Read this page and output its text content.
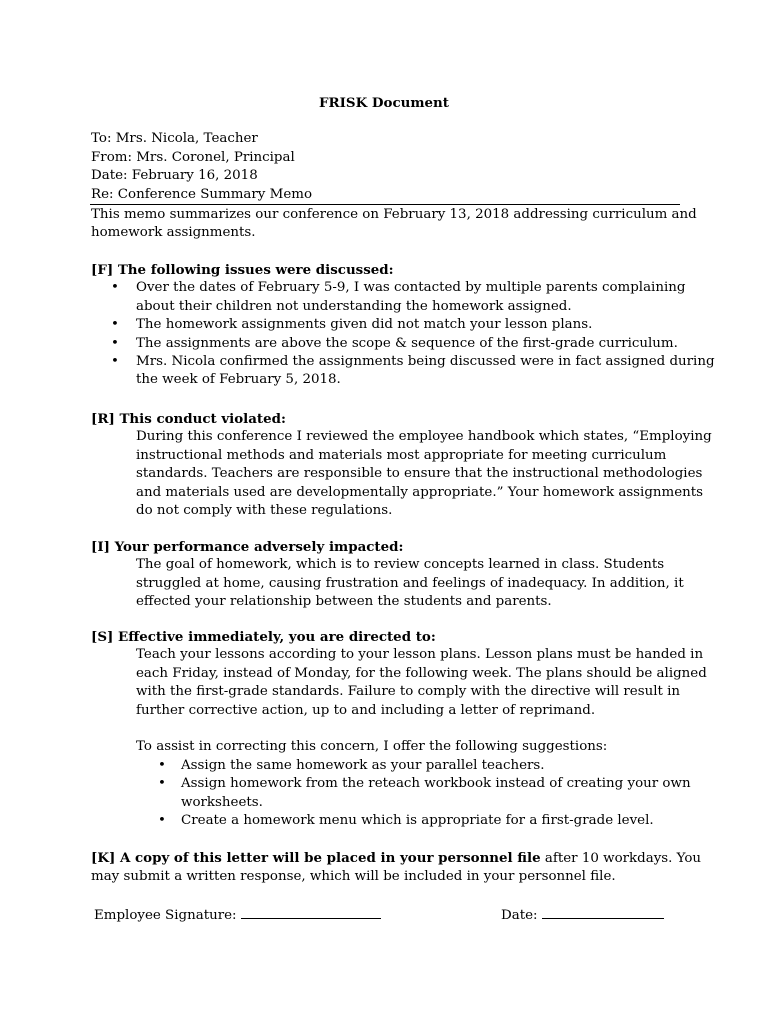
FRISK Document
To: Mrs. Nicola, Teacher
From: Mrs. Coronel, Principal
Date: February 16, 2018
Re: Conference Summary Memo
This memo summarizes our conference on February 13, 2018 addressing curriculum and
homework assignments.
[F] The following issues were discussed:
• Over the dates of February 5-9, I was contacted by multiple parents complaining
about their children not understanding the homework assigned.
• The homework assignments given did not match your lesson plans.
• The assignments are above the scope & sequence of the first-grade curriculum.
• Mrs. Nicola confirmed the assignments being discussed were in fact assigned during
the week of February 5, 2018.
[R] This conduct violated:
During this conference I reviewed the employee handbook which states, “Employing
instructional methods and materials most appropriate for meeting curriculum
standards. Teachers are responsible to ensure that the instructional methodologies
and materials used are developmentally appropriate.” Your homework assignments
do not comply with these regulations.
[I] Your performance adversely impacted:
The goal of homework, which is to review concepts learned in class. Students
struggled at home, causing frustration and feelings of inadequacy. In addition, it
effected your relationship between the students and parents.
[S] Effective immediately, you are directed to:
Teach your lessons according to your lesson plans. Lesson plans must be handed in
each Friday, instead of Monday, for the following week. The plans should be aligned
with the first-grade standards. Failure to comply with the directive will result in
further corrective action, up to and including a letter of reprimand.
To assist in correcting this concern, I offer the following suggestions:
• Assign the same homework as your parallel teachers.
• Assign homework from the reteach workbook instead of creating your own
worksheets.
• Create a homework menu which is appropriate for a first-grade level.
[K] A copy of this letter will be placed in your personnel file after 10 workdays. You
may submit a written response, which will be included in your personnel file.
Employee Signature:	Date:
